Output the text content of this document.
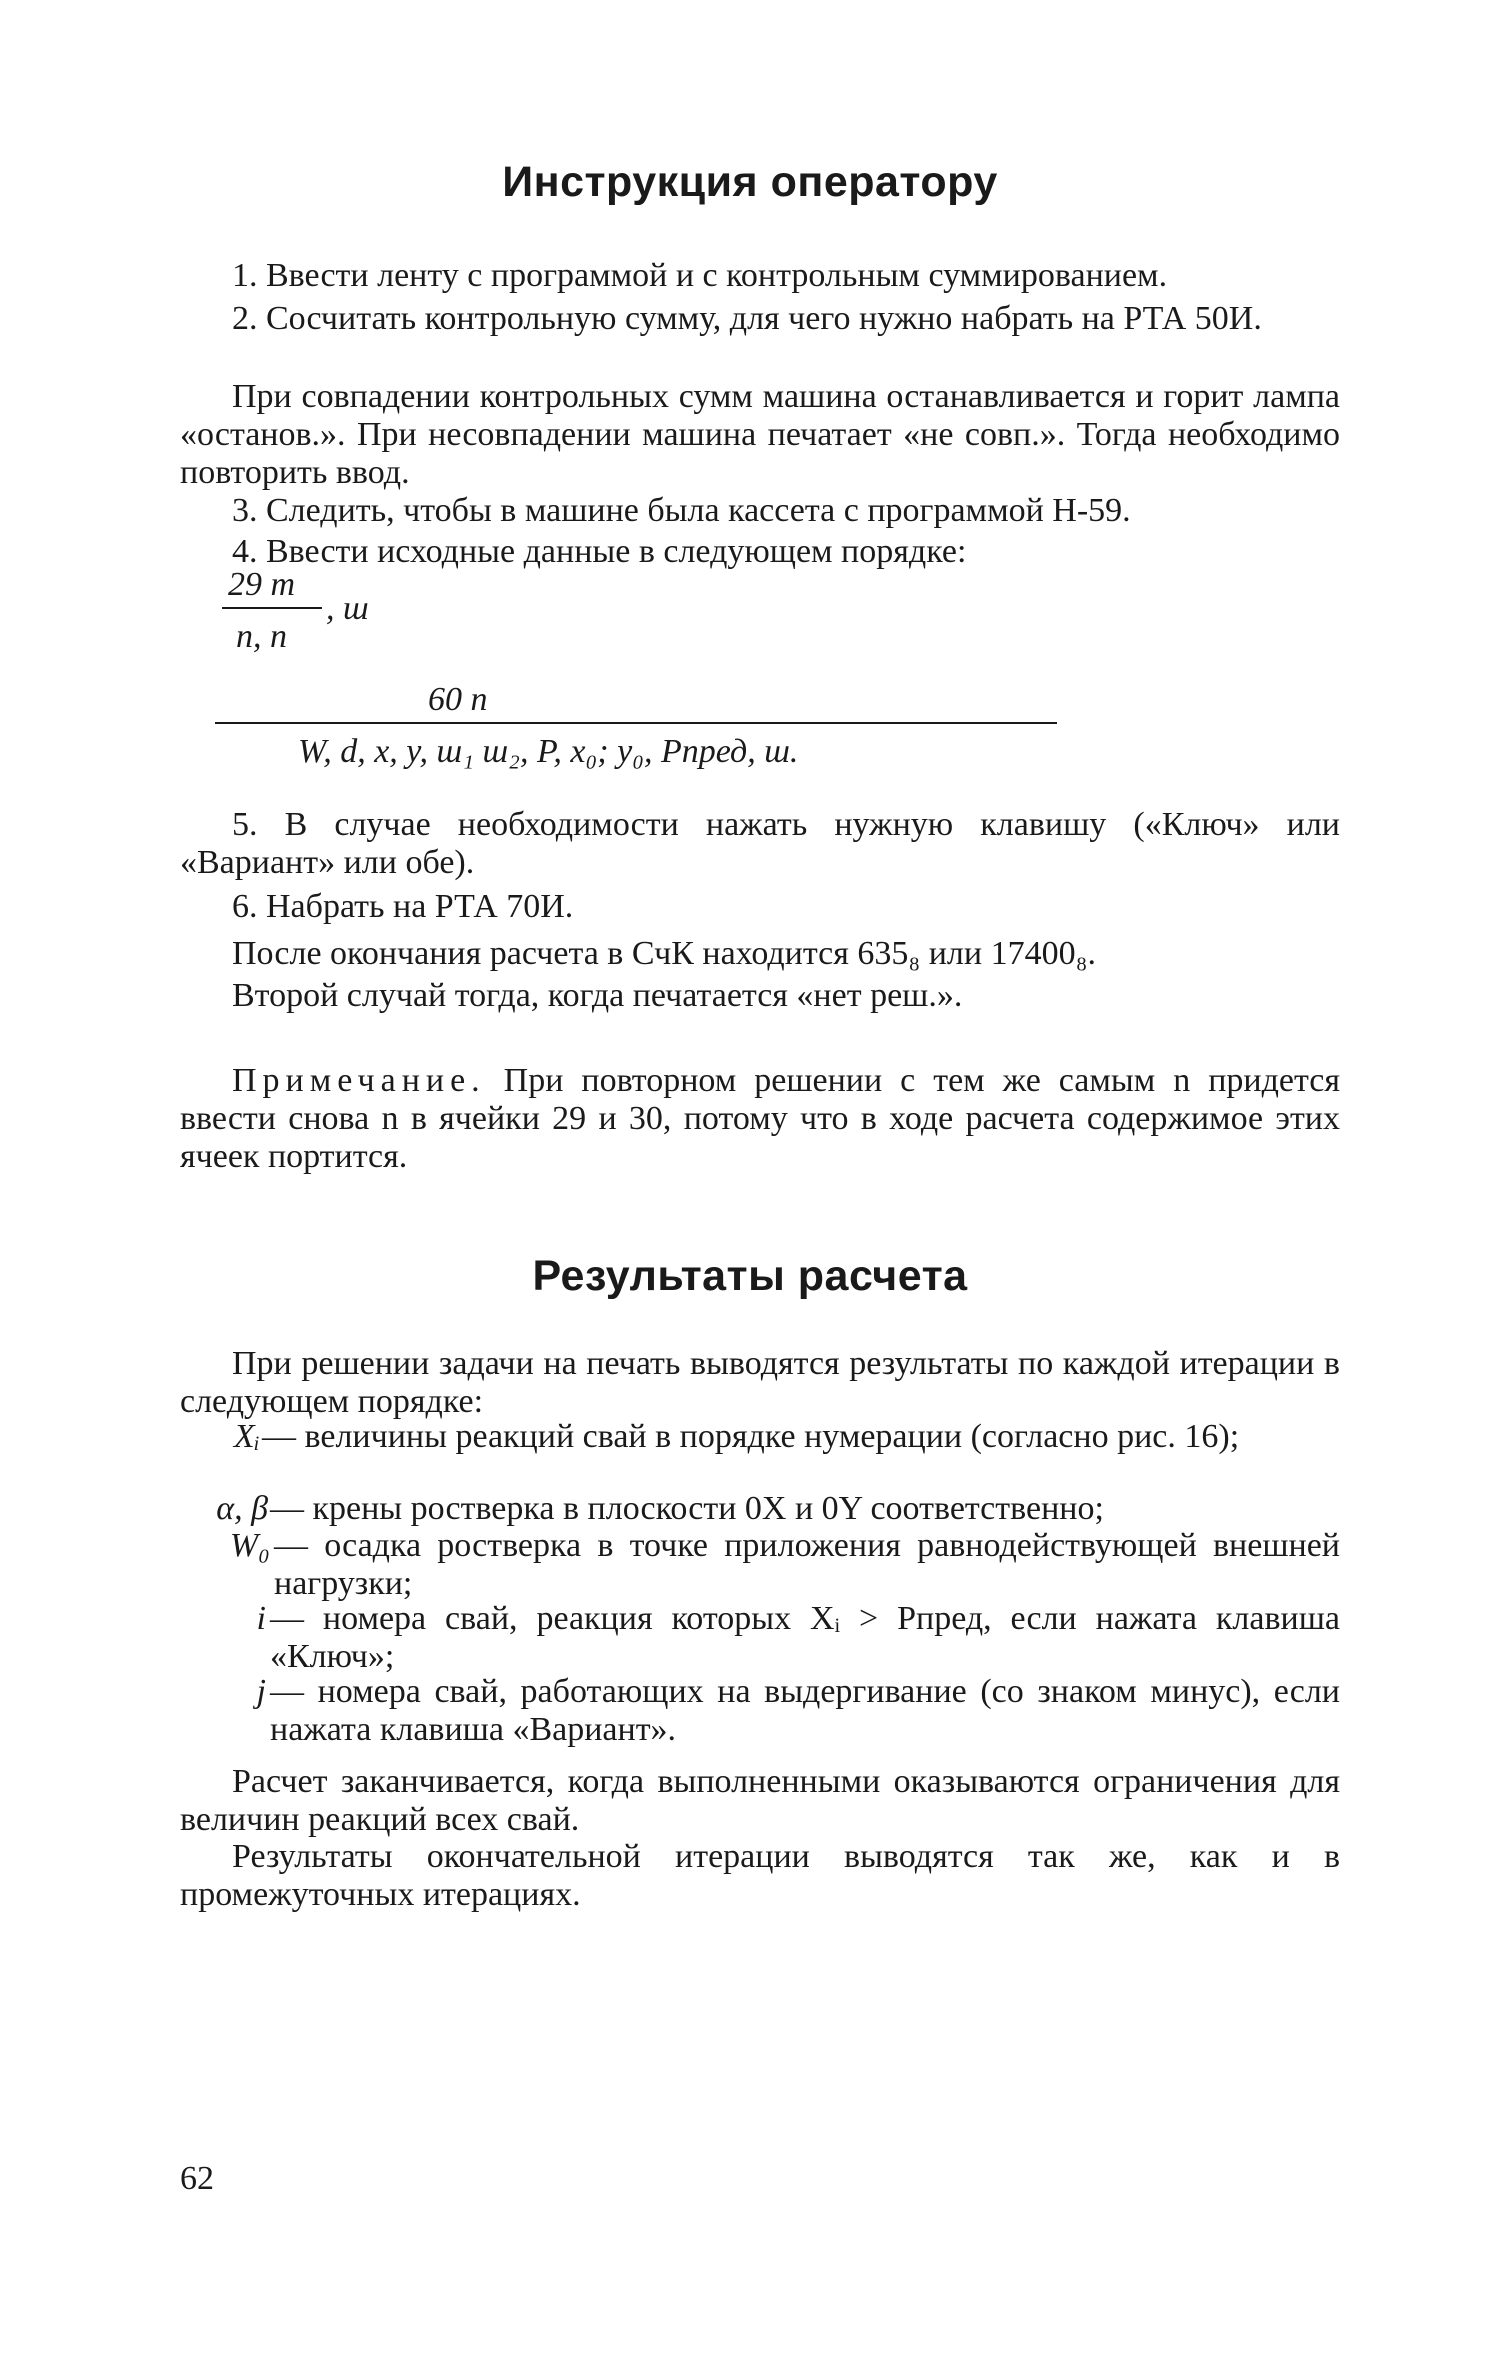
Инструкция оператору
1. Ввести ленту с программой и с контрольным суммированием.
2. Сосчитать контрольную сумму, для чего нужно набрать на РТА 50И.
При совпадении контрольных сумм машина останавливается и горит лампа «останов.». При несовпадении машина печатает «не совп.». Тогда необходимо повторить ввод.
3. Следить, чтобы в машине была кассета с программой Н-59.
4. Ввести исходные данные в следующем порядке:
29 m
n, n
, ш
60 n
W, d, x, y, ш₁ ш₂, P, x₀; y₀, Pпред, ш.
5. В случае необходимости нажать нужную клавишу («Ключ» или «Вариант» или обе).
6. Набрать на РТА 70И.
После окончания расчета в СчК находится 635₈ или 17400₈.
Второй случай тогда, когда печатается «нет реш.».
Примечание. При повторном решении с тем же самым n придется ввести снова n в ячейки 29 и 30, потому что в ходе расчета содержимое этих ячеек портится.
Результаты расчета
При решении задачи на печать выводятся результаты по каждой итерации в следующем порядке:
Xᵢ — величины реакций свай в порядке нумерации (согласно рис. 16);
α, β — крены ростверка в плоскости 0X и 0Y соответственно;
W₀ — осадка ростверка в точке приложения равнодействующей внешней нагрузки;
i — номера свай, реакция которых Xᵢ > Pпред, если нажата клавиша «Ключ»;
j — номера свай, работающих на выдергивание (со знаком минус), если нажата клавиша «Вариант».
Расчет заканчивается, когда выполненными оказываются ограничения для величин реакций всех свай.
Результаты окончательной итерации выводятся так же, как и в промежуточных итерациях.
62
